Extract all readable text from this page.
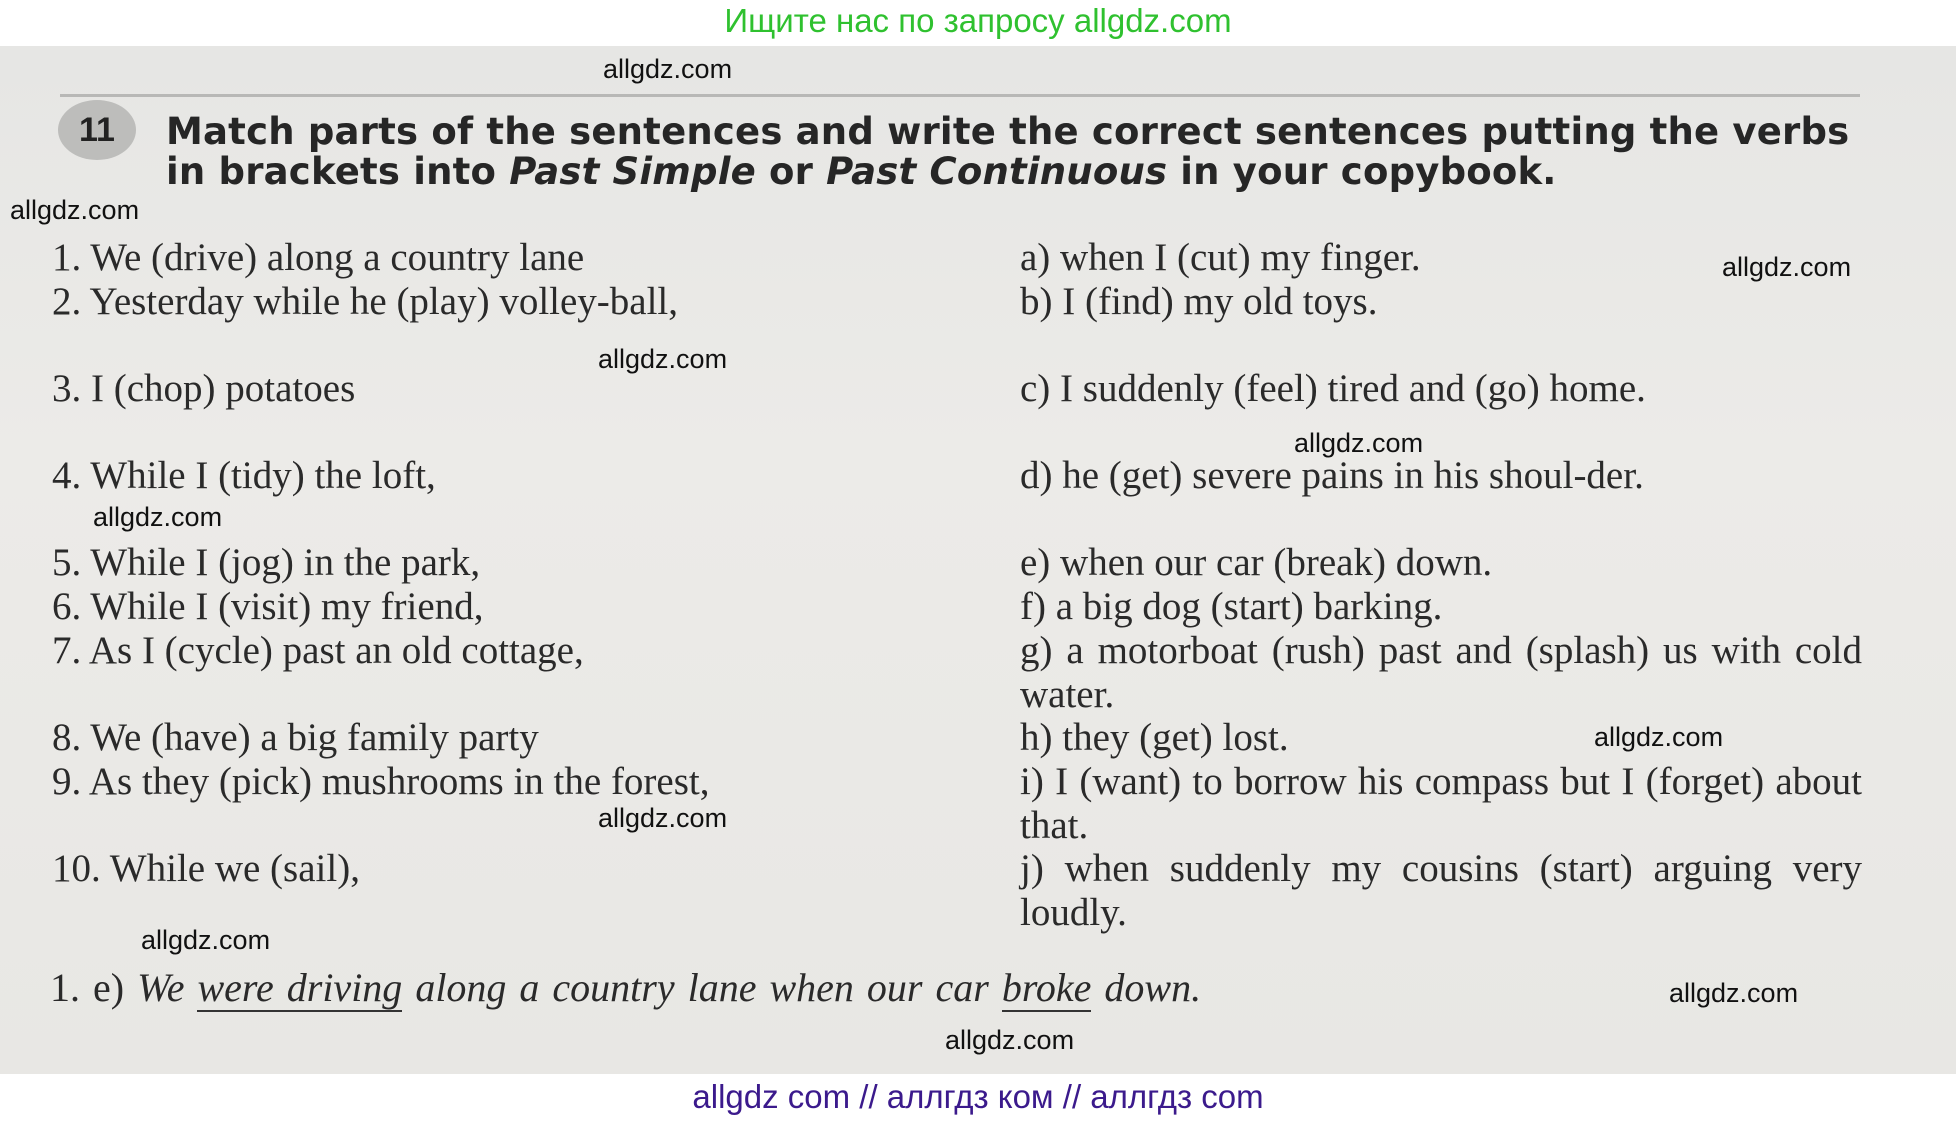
Ищите нас по запросу allgdz.com
11	Match parts of the sentences and write the correct sentences putting the verbs in brackets into Past Simple or Past Continuous in your copybook.
1. We (drive) along a country lane
2. Yesterday while he (play) volley-ball,
3. I (chop) potatoes
4. While I (tidy) the loft,
5. While I (jog) in the park,
6. While I (visit) my friend,
7. As I (cycle) past an old cottage,
8. We (have) a big family party
9. As they (pick) mushrooms in the forest,
10. While we (sail),
a) when I (cut) my finger.
b) I (find) my old toys.
c) I suddenly (feel) tired and (go) home.
d) he (get) severe pains in his shoul-der.
e) when our car (break) down.
f) a big dog (start) barking.
g) a motorboat (rush) past and (splash) us with cold water.
h) they (get) lost.
i) I (want) to borrow his compass but I (forget) about that.
j) when suddenly my cousins (start) arguing very loudly.
1. e) We were driving along a country lane when our car broke down.
allgdz.com
allgdz.com
allgdz.com
allgdz.com
allgdz.com
allgdz.com
allgdz.com
allgdz.com
allgdz.com
allgdz.com
allgdz.com
allgdz com // аллгдз ком // аллгдз com
